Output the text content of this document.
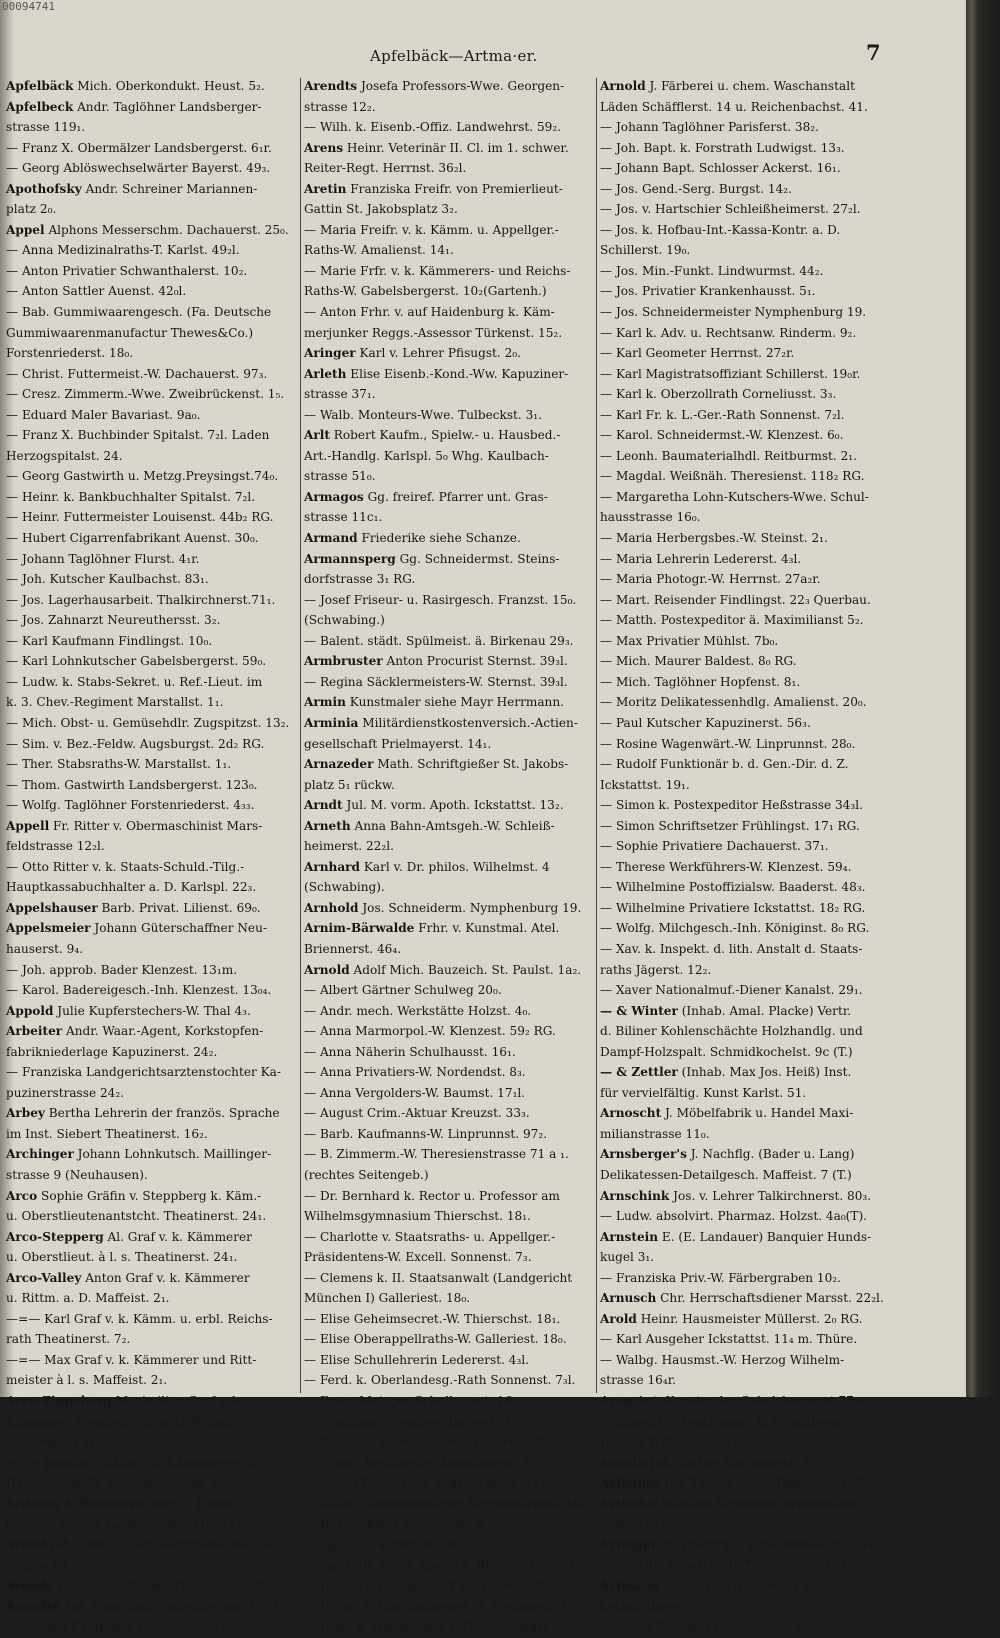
00094741
Apfelbäck—Artma·er.	7
Apfelbäck Mich. Oberkondukt. Heust. 5₂.
Apfelbeck Andr. Taglöhner Landsberger-
strasse 119₁.
— Franz X. Obermälzer Landsbergerst. 6₁r.
— Georg Ablöswechselwärter Bayerst. 49₃.
Apothofsky Andr. Schreiner Mariannen-
platz 2₀.
Appel Alphons Messerschm. Dachauerst. 25₀.
— Anna Medizinalraths-T. Karlst. 49₂l.
— Anton Privatier Schwanthalerst. 10₂.
— Anton Sattler Auenst. 42₀l.
— Bab. Gummiwaarengesch. (Fa. Deutsche
Gummiwaarenmanufactur Thewes&Co.)
Forstenriederst. 18₀.
— Christ. Futtermeist.-W. Dachauerst. 97₃.
— Cresz. Zimmerm.-Wwe. Zweibrückenst. 1₅.
— Eduard Maler Bavariast. 9a₀.
— Franz X. Buchbinder Spitalst. 7₂l. Laden
Herzogspitalst. 24.
— Georg Gastwirth u. Metzg.Preysingst.74₀.
— Heinr. k. Bankbuchhalter Spitalst. 7₂l.
— Heinr. Futtermeister Louisenst. 44b₂ RG.
— Hubert Cigarrenfabrikant Auenst. 30₀.
— Johann Taglöhner Flurst. 4₁r.
— Joh. Kutscher Kaulbachst. 83₁.
— Jos. Lagerhausarbeit. Thalkirchnerst.71₁.
— Jos. Zahnarzt Neureuthersst. 3₂.
— Karl Kaufmann Findlingst. 10₀.
— Karl Lohnkutscher Gabelsbergerst. 59₀.
— Ludw. k. Stabs-Sekret. u. Ref.-Lieut. im
k. 3. Chev.-Regiment Marstallst. 1₁.
— Mich. Obst- u. Gemüsehdlr. Zugspitzst. 13₂.
— Sim. v. Bez.-Feldw. Augsburgst. 2d₂ RG.
— Ther. Stabsraths-W. Marstallst. 1₁.
— Thom. Gastwirth Landsbergerst. 123₀.
— Wolfg. Taglöhner Forstenriederst. 4₃₃.
Appell Fr. Ritter v. Obermaschinist Mars-
feldstrasse 12₂l.
— Otto Ritter v. k. Staats-Schuld.-Tilg.-
Hauptkassabuchhalter a. D. Karlspl. 22₃.
Appelshauser Barb. Privat. Lilienst. 69₀.
Appelsmeier Johann Güterschaffner Neu-
hauserst. 9₄.
— Joh. approb. Bader Klenzest. 13₁m.
— Karol. Badereigesch.-Inh. Klenzest. 13₀₄.
Appold Julie Kupferstechers-W. Thal 4₃.
Arbeiter Andr. Waar.-Agent, Korkstopfen-
fabrikniederlage Kapuzinerst. 24₂.
— Franziska Landgerichtsarztenstochter Ka-
puzinerstrasse 24₂.
Arbey Bertha Lehrerin der französ. Sprache
im Inst. Siebert Theatinerst. 16₂.
Archinger Johann Lohnkutsch. Maillinger-
strasse 9 (Neuhausen).
Arco Sophie Gräfin v. Steppberg k. Käm.-
u. Oberstlieutenantstcht. Theatinerst. 24₁.
Arco-Stepperg Al. Graf v. k. Kämmerer
u. Oberstlieut. à l. s. Theatinerst. 24₁.
Arco-Valley Anton Graf v. k. Kämmerer
u. Rittm. a. D. Maffeist. 2₁.
—=— Karl Graf v. k. Kämm. u. erbl. Reichs-
rath Theatinerst. 7₂.
—=— Max Graf v. k. Kämmerer und Ritt-
meister à l. s. Maffeist. 2₁.
Arco-Zinneberg Maximilian Graf v. k.
Kämmerer Premierlieut. a. D. Wittels-
bacherplatz 1₁.
—=— Josefine Gräfin v. k. Kämmerers- u.
Hauptmanns-W. Wittelsbacherpl. 1₁.
Ardoino & Bonavera Fabr. u. Export v.
Olivenöl.Compt.Landwehrst.50 RG.(T).
Arend Joh. Obst- u. Gemüsehändler Klenze-
strasse 61₃.
Arends Rich. Vers.-Beamt. Dachauerst. 26₂.
Arendts Ant. Oberkond. Gabelsbergerst. 69₂.
— Eduard Kaufmann Gabelsbergerst. 69₁r.
Arendts Josefa Professors-Wwe. Georgen-
strasse 12₂.
— Wilh. k. Eisenb.-Offiz. Landwehrst. 59₂.
Arens Heinr. Veterinär II. Cl. im 1. schwer.
Reiter-Regt. Herrnst. 36₂l.
Aretin Franziska Freifr. von Premierlieut-
Gattin St. Jakobsplatz 3₂.
— Maria Freifr. v. k. Kämm. u. Appellger.-
Raths-W. Amalienst. 14₁.
— Marie Frfr. v. k. Kämmerers- und Reichs-
Raths-W. Gabelsbergerst. 10₂(Gartenh.)
— Anton Frhr. v. auf Haidenburg k. Käm-
merjunker Reggs.-Assessor Türkenst. 15₂.
Aringer Karl v. Lehrer Pfisugst. 2₀.
Arleth Elise Eisenb.-Kond.-Ww. Kapuziner-
strasse 37₁.
— Walb. Monteurs-Wwe. Tulbeckst. 3₁.
Arlt Robert Kaufm., Spielw.- u. Hausbed.-
Art.-Handlg. Karlspl. 5₀ Whg. Kaulbach-
strasse 51₀.
Armagos Gg. freiref. Pfarrer unt. Gras-
strasse 11c₁.
Armand Friederike siehe Schanze.
Armannsperg Gg. Schneidermst. Steins-
dorfstrasse 3₁ RG.
— Josef Friseur- u. Rasirgesch. Franzst. 15₀.
(Schwabing.)
— Balent. städt. Spülmeist. ä. Birkenau 29₃.
Armbruster Anton Procurist Sternst. 39₃l.
— Regina Säcklermeisters-W. Sternst. 39₃l.
Armin Kunstmaler siehe Mayr Herrmann.
Arminia Militärdienstkostenversich.-Actien-
gesellschaft Prielmayerst. 14₁.
Arnazeder Math. Schriftgießer St. Jakobs-
platz 5₁ rückw.
Arndt Jul. M. vorm. Apoth. Ickstattst. 13₂.
Arneth Anna Bahn-Amtsgeh.-W. Schleiß-
heimerst. 22₂l.
Arnhard Karl v. Dr. philos. Wilhelmst. 4
(Schwabing).
Arnhold Jos. Schneiderm. Nymphenburg 19.
Arnim-Bärwalde Frhr. v. Kunstmal. Atel.
Briennerst. 46₄.
Arnold Adolf Mich. Bauzeich. St. Paulst. 1a₂.
— Albert Gärtner Schulweg 20₀.
— Andr. mech. Werkstätte Holzst. 4₀.
— Anna Marmorpol.-W. Klenzest. 59₂ RG.
— Anna Näherin Schulhausst. 16₁.
— Anna Privatiers-W. Nordendst. 8₃.
— Anna Vergolders-W. Baumst. 17₁l.
— August Crim.-Aktuar Kreuzst. 33₃.
— Barb. Kaufmanns-W. Linprunnst. 97₂.
— B. Zimmerm.-W. Theresienstrasse 71 a ₁.
(rechtes Seitengeb.)
— Dr. Bernhard k. Rector u. Professor am
Wilhelmsgymnasium Thierschst. 18₁.
— Charlotte v. Staatsraths- u. Appellger.-
Präsidentens-W. Excell. Sonnenst. 7₃.
— Clemens k. II. Staatsanwalt (Landgericht
München I) Galleriest. 18₀.
— Elise Geheimsecret.-W. Thierschst. 18₁.
— Elise Oberappellraths-W. Galleriest. 18₀.
— Elise Schullehrerin Ledererst. 4₃l.
— Ferd. k. Oberlandesg.-Rath Sonnenst. 7₃l.
— Franz Metzger Schulhausst. 16₀.
— Franziska Privatiere Bayerst. 39₄.
— Friedrich t. Secondlieut. Barerst. 57₁.
— Friedr. Weißgerber Kapuzinerst. 71₃.
— Georg Buchhalter Augsburgerst. 17₄.
— Georg Schweinmetzger Kirchenstrasse 24₀
— II. Geschäft Christophst. 9.
— Gg. Tagl. Karlst. 92₁ RG.
— Gg. Frdr. vorm. Apothek. Blumenst. 30a₂l.
— Heinrich Lithograph Kapuzinerst. 39₀.
— Herm. k. Oberlandesger.-R. Louisenst. 1₁.
— Hugo k. Hauptmann a. D. Schellingst. 1₀.
Arnold J. Färberei u. chem. Waschanstalt
Läden Schäfflerst. 14 u. Reichenbachst. 41.
— Johann Taglöhner Parisferst. 38₂.
— Joh. Bapt. k. Forstrath Ludwigst. 13₃.
— Johann Bapt. Schlosser Ackerst. 16₁.
— Jos. Gend.-Serg. Burgst. 14₂.
— Jos. v. Hartschier Schleißheimerst. 27₂l.
— Jos. k. Hofbau-Int.-Kassa-Kontr. a. D.
Schillerst. 19₀.
— Jos. Min.-Funkt. Lindwurmst. 44₂.
— Jos. Privatier Krankenhausst. 5₁.
— Jos. Schneidermeister Nymphenburg 19.
— Karl k. Adv. u. Rechtsanw. Rinderm. 9₂.
— Karl Geometer Herrnst. 27₂r.
— Karl Magistratsoffiziant Schillerst. 19₀r.
— Karl k. Oberzollrath Corneliusst. 3₃.
— Karl Fr. k. L.-Ger.-Rath Sonnenst. 7₂l.
— Karol. Schneidermst.-W. Klenzest. 6₀.
— Leonh. Baumaterialhdl. Reitburmst. 2₁.
— Magdal. Weißnäh. Theresienst. 118₂ RG.
— Margaretha Lohn-Kutschers-Wwe. Schul-
hausstrasse 16₀.
— Maria Herbergsbes.-W. Steinst. 2₁.
— Maria Lehrerin Ledererst. 4₃l.
— Maria Photogr.-W. Herrnst. 27a₂r.
— Mart. Reisender Findlingst. 22₃ Querbau.
— Matth. Postexpeditor ä. Maximilianst 5₂.
— Max Privatier Mühlst. 7b₀.
— Mich. Maurer Baldest. 8₀ RG.
— Mich. Taglöhner Hopfenst. 8₁.
— Moritz Delikatessenhdlg. Amalienst. 20₀.
— Paul Kutscher Kapuzinerst. 56₃.
— Rosine Wagenwärt.-W. Linprunnst. 28₀.
— Rudolf Funktionär b. d. Gen.-Dir. d. Z.
Ickstattst. 19₁.
— Simon k. Postexpeditor Heßstrasse 34₃l.
— Simon Schriftsetzer Frühlingst. 17₁ RG.
— Sophie Privatiere Dachauerst. 37₁.
— Therese Werkführers-W. Klenzest. 59₄.
— Wilhelmine Postoffizialsw. Baaderst. 48₃.
— Wilhelmine Privatiere Ickstattst. 18₂ RG.
— Wolfg. Milchgesch.-Inh. Königinst. 8₀ RG.
— Xav. k. Inspekt. d. lith. Anstalt d. Staats-
raths Jägerst. 12₂.
— Xaver Nationalmuf.-Diener Kanalst. 29₁.
— & Winter (Inhab. Amal. Placke) Vertr.
d. Biliner Kohlenschächte Holzhandlg. und
Dampf-Holzspalt. Schmidkochelst. 9c (T.)
— & Zettler (Inhab. Max Jos. Heiß) Inst.
für vervielfältig. Kunst Karlst. 51.
Arnoscht J. Möbelfabrik u. Handel Maxi-
milianstrasse 11₀.
Arnsberger's J. Nachflg. (Bader u. Lang)
Delikatessen-Detailgesch. Maffeist. 7 (T.)
Arnschink Jos. v. Lehrer Talkirchnerst. 80₃.
— Ludw. absolvirt. Pharmaz. Holzst. 4a₀(T).
Arnstein E. (E. Landauer) Banquier Hunds-
kugel 3₁.
— Franziska Priv.-W. Färbergraben 10₂.
Arnusch Chr. Herrschaftsdiener Marsst. 22₂l.
Arold Heinr. Hausmeister Müllerst. 2₀ RG.
— Karl Ausgeher Ickstattst. 11₄ m. Thüre.
— Walbg. Hausmst.-W. Herzog Wilhelm-
strasse 16₄r.
Aron Ant. Kunstmaler Gabelsbergerst.77a₁.
— Simon (S. Aron) Agent in Schnittwaar.
Herzog Wilhelmst. 21₂r.
Arquin Joh. Sattler Dachauerst. 87₁.
Artbauer Jos. Taubst.-Lehr. Theresienst. 75₃
Arthofer Wilhelm Schneider Brudermühl-
weg 2₂ RG.
Artinger Al. Briefträg. Schleißheimerst. 54₂.
— Christoph Gastwirth Theresienst. 134₁.
Artmaier Anton Fabrik-Arbeiter Schmid-
kochelstrasse 9¹/₂₃.
— Marie Priv.-W. Fraunhoferst. 32₃.
